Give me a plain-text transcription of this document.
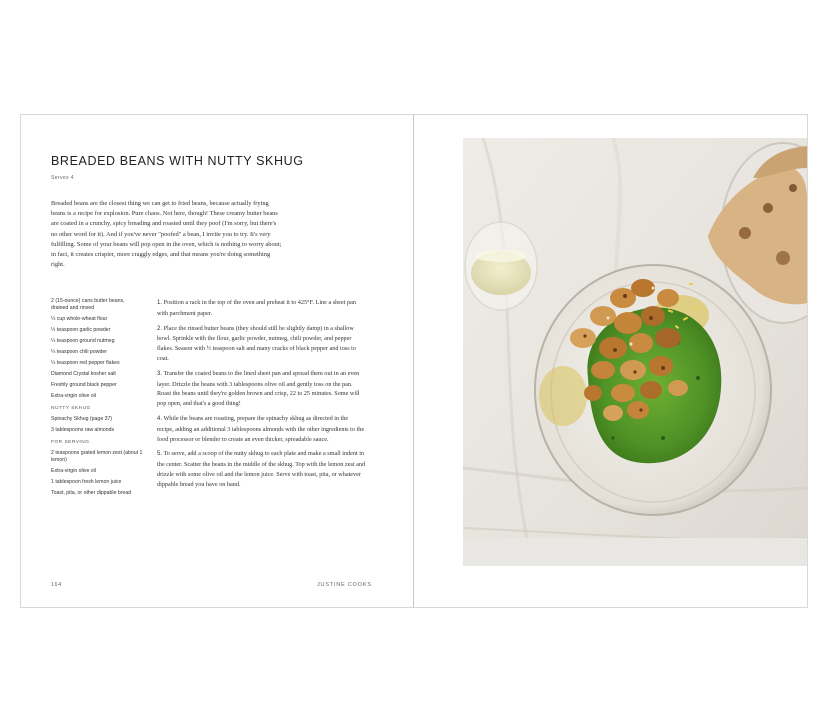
BREADED BEANS WITH NUTTY SKHUG
Serves 4

Breaded beans are the closest thing we can get to fried beans, because actually frying beans is a recipe for explosion. Pure chaos. Not here, though! These creamy butter beans are coated in a crunchy, spicy breading and roasted until they poof (I'm sorry, but there's no other word for it). And if you've never "poofed" a bean, I invite you to try. It's very fulfilling. Some of your beans will pop open in the oven, which is nothing to worry about; in fact, it creates crispier, more craggly edges, and that means you're doing something right.

2 (15-ounce) cans butter beans, drained and rinsed
¼ cup whole-wheat flour
½ teaspoon garlic powder
¼ teaspoon ground nutmeg
¼ teaspoon chili powder
¼ teaspoon red pepper flakes
Diamond Crystal kosher salt
Freshly ground black pepper
Extra-virgin olive oil
NUTTY SKHUG
Spinachy Skhug (page 37)
3 tablespoons raw almonds
FOR SERVING
2 teaspoons grated lemon zest (about 1 lemon)
Extra-virgin olive oil
1 tablespoon fresh lemon juice
Toast, pita, or other dippable bread
1. Position a rack in the top of the oven and preheat it to 425°F. Line a sheet pan with parchment paper.
2. Place the rinsed butter beans (they should still be slightly damp) in a shallow bowl. Sprinkle with the flour, garlic powder, nutmeg, chili powder, and pepper flakes. Season with ½ teaspoon salt and many cracks of black pepper and toss to coat.
3. Transfer the coated beans to the lined sheet pan and spread them out in an even layer. Drizzle the beans with 3 tablespoons olive oil and gently toss on the pan. Roast the beans until they're golden brown and crisp, 22 to 25 minutes. Some will pop open, and that's a good thing!
4. While the beans are roasting, prepare the spinachy skhug as directed in the recipe, adding an additional 3 tablespoons almonds with the other ingredients to the food processor or blender to create an even thicker, spreadable sauce.
5. To serve, add a scoop of the nutty skhug to each plate and make a small indent in the center. Scatter the beans in the middle of the skhug. Top with the lemon zest and drizzle with some olive oil and the lemon juice. Serve with toast, pita, or whatever dippable bread you have on hand.
164	JUSTINE COOKS
